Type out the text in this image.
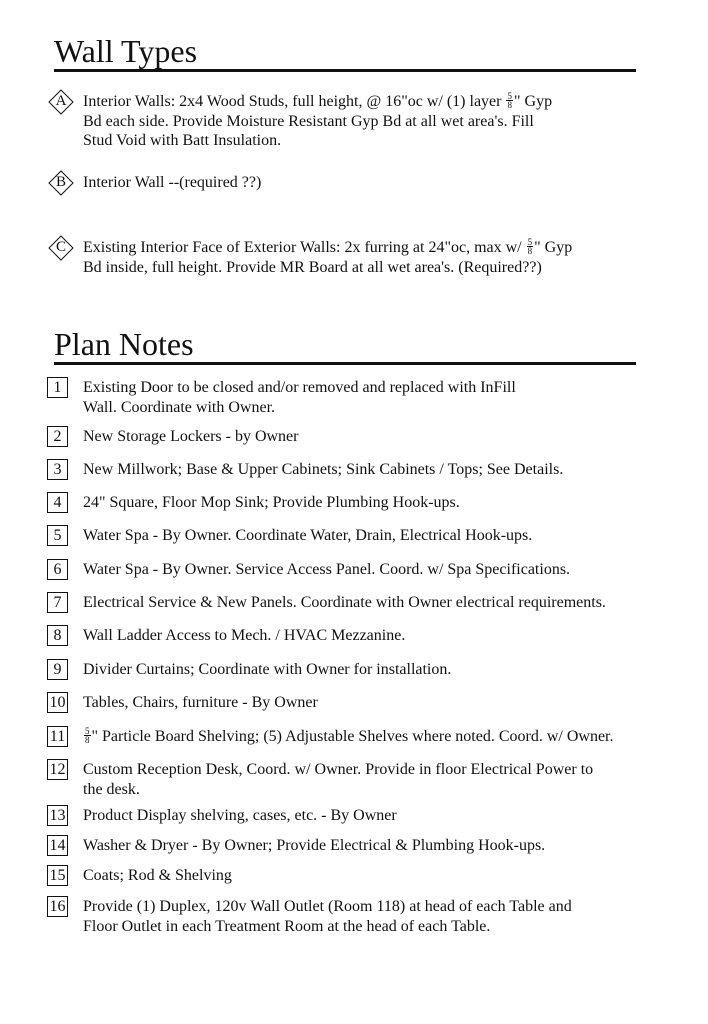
Wall Types
A	Interior Walls: 2x4 Wood Studs, full height, @ 16"oc w/ (1) layer $\frac{5}{8}$ " Gyp
Bd each side. Provide Moisture Resistant Gyp Bd at all wet area's. Fill
Stud Void with Batt Insulation.
B	Interior Wall --(required ??)
C	Existing Interior Face of Exterior Walls: 2x furring at 24"oc, $\max w/ \frac{5}{8}$ " Gyp
Bd inside, full height. Provide MR Board at all wet area's. (Required??)
Plan Notes
1	Existing Door to be closed and/or removed and replaced with InFill
Wall. Coordinate with Owner.
2	New Storage Lockers - by Owner
3	New Millwork; Base & Upper Cabinets; Sink Cabinets / Tops; See Details.
4	24" Square, Floor Mop Sink; Provide Plumbing Hook-ups.
5	Water Spa - By Owner. Coordinate Water, Drain, Electrical Hook-ups.
6	Water Spa - By Owner. Service Access Panel. Coord. w/ Spa Specifications.
7	Electrical Service & New Panels. Coordinate with Owner electrical requirements.
8	Wall Ladder Access to Mech. / HVAC Mezzanine.
9	Divider Curtains; Coordinate with Owner for installation.
10 Tables, Chairs, furniture - By Owner
11	$\frac{5}{8}$ " Particle Board Shelving; (5) Adjustable Shelves where noted. Coord. w/ Owner.
12 Custom Reception Desk, Coord. w/ Owner. Provide in floor Electrical Power to
the desk.
13 Product Display shelving, cases, etc. - By Owner
14 Washer & Dryer - By Owner; Provide Electrical & Plumbing Hook-ups.
15 Coats; Rod & Shelving
16 Provide (1) Duplex, 120v Wall Outlet (Room 118) at head of each Table and
Floor Outlet in each Treatment Room at the head of each Table.
